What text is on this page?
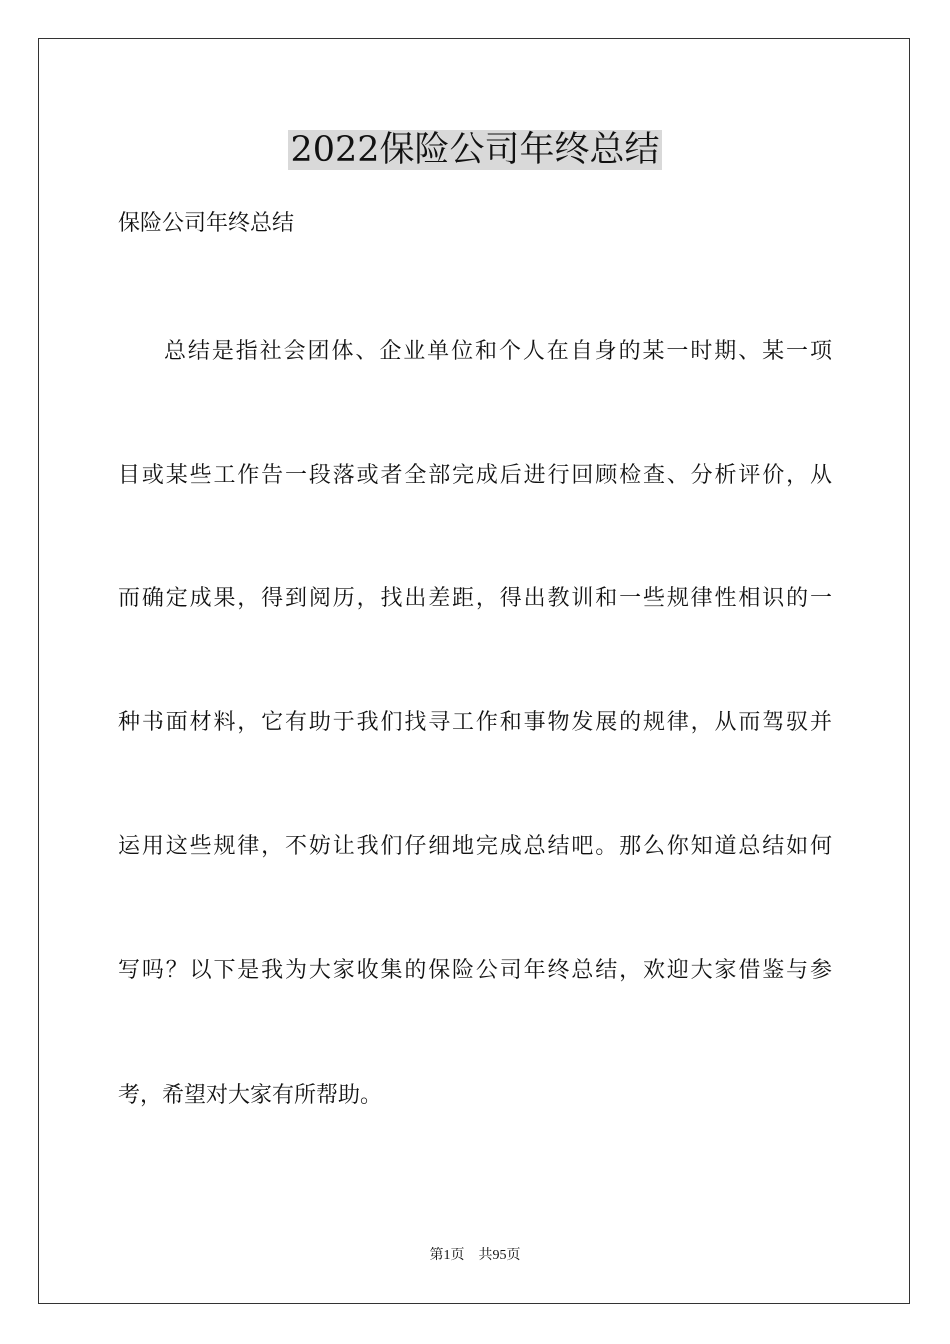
2022保险公司年终总结
保险公司年终总结
总结是指社会团体、企业单位和个人在自身的某一时期、某一项
目或某些工作告一段落或者全部完成后进行回顾检查、分析评价，从
而确定成果，得到阅历，找出差距，得出教训和一些规律性相识的一
种书面材料，它有助于我们找寻工作和事物发展的规律，从而驾驭并
运用这些规律，不妨让我们仔细地完成总结吧。那么你知道总结如何
写吗？以下是我为大家收集的保险公司年终总结，欢迎大家借鉴与参
考，希望对大家有所帮助。
第1页 共95页
